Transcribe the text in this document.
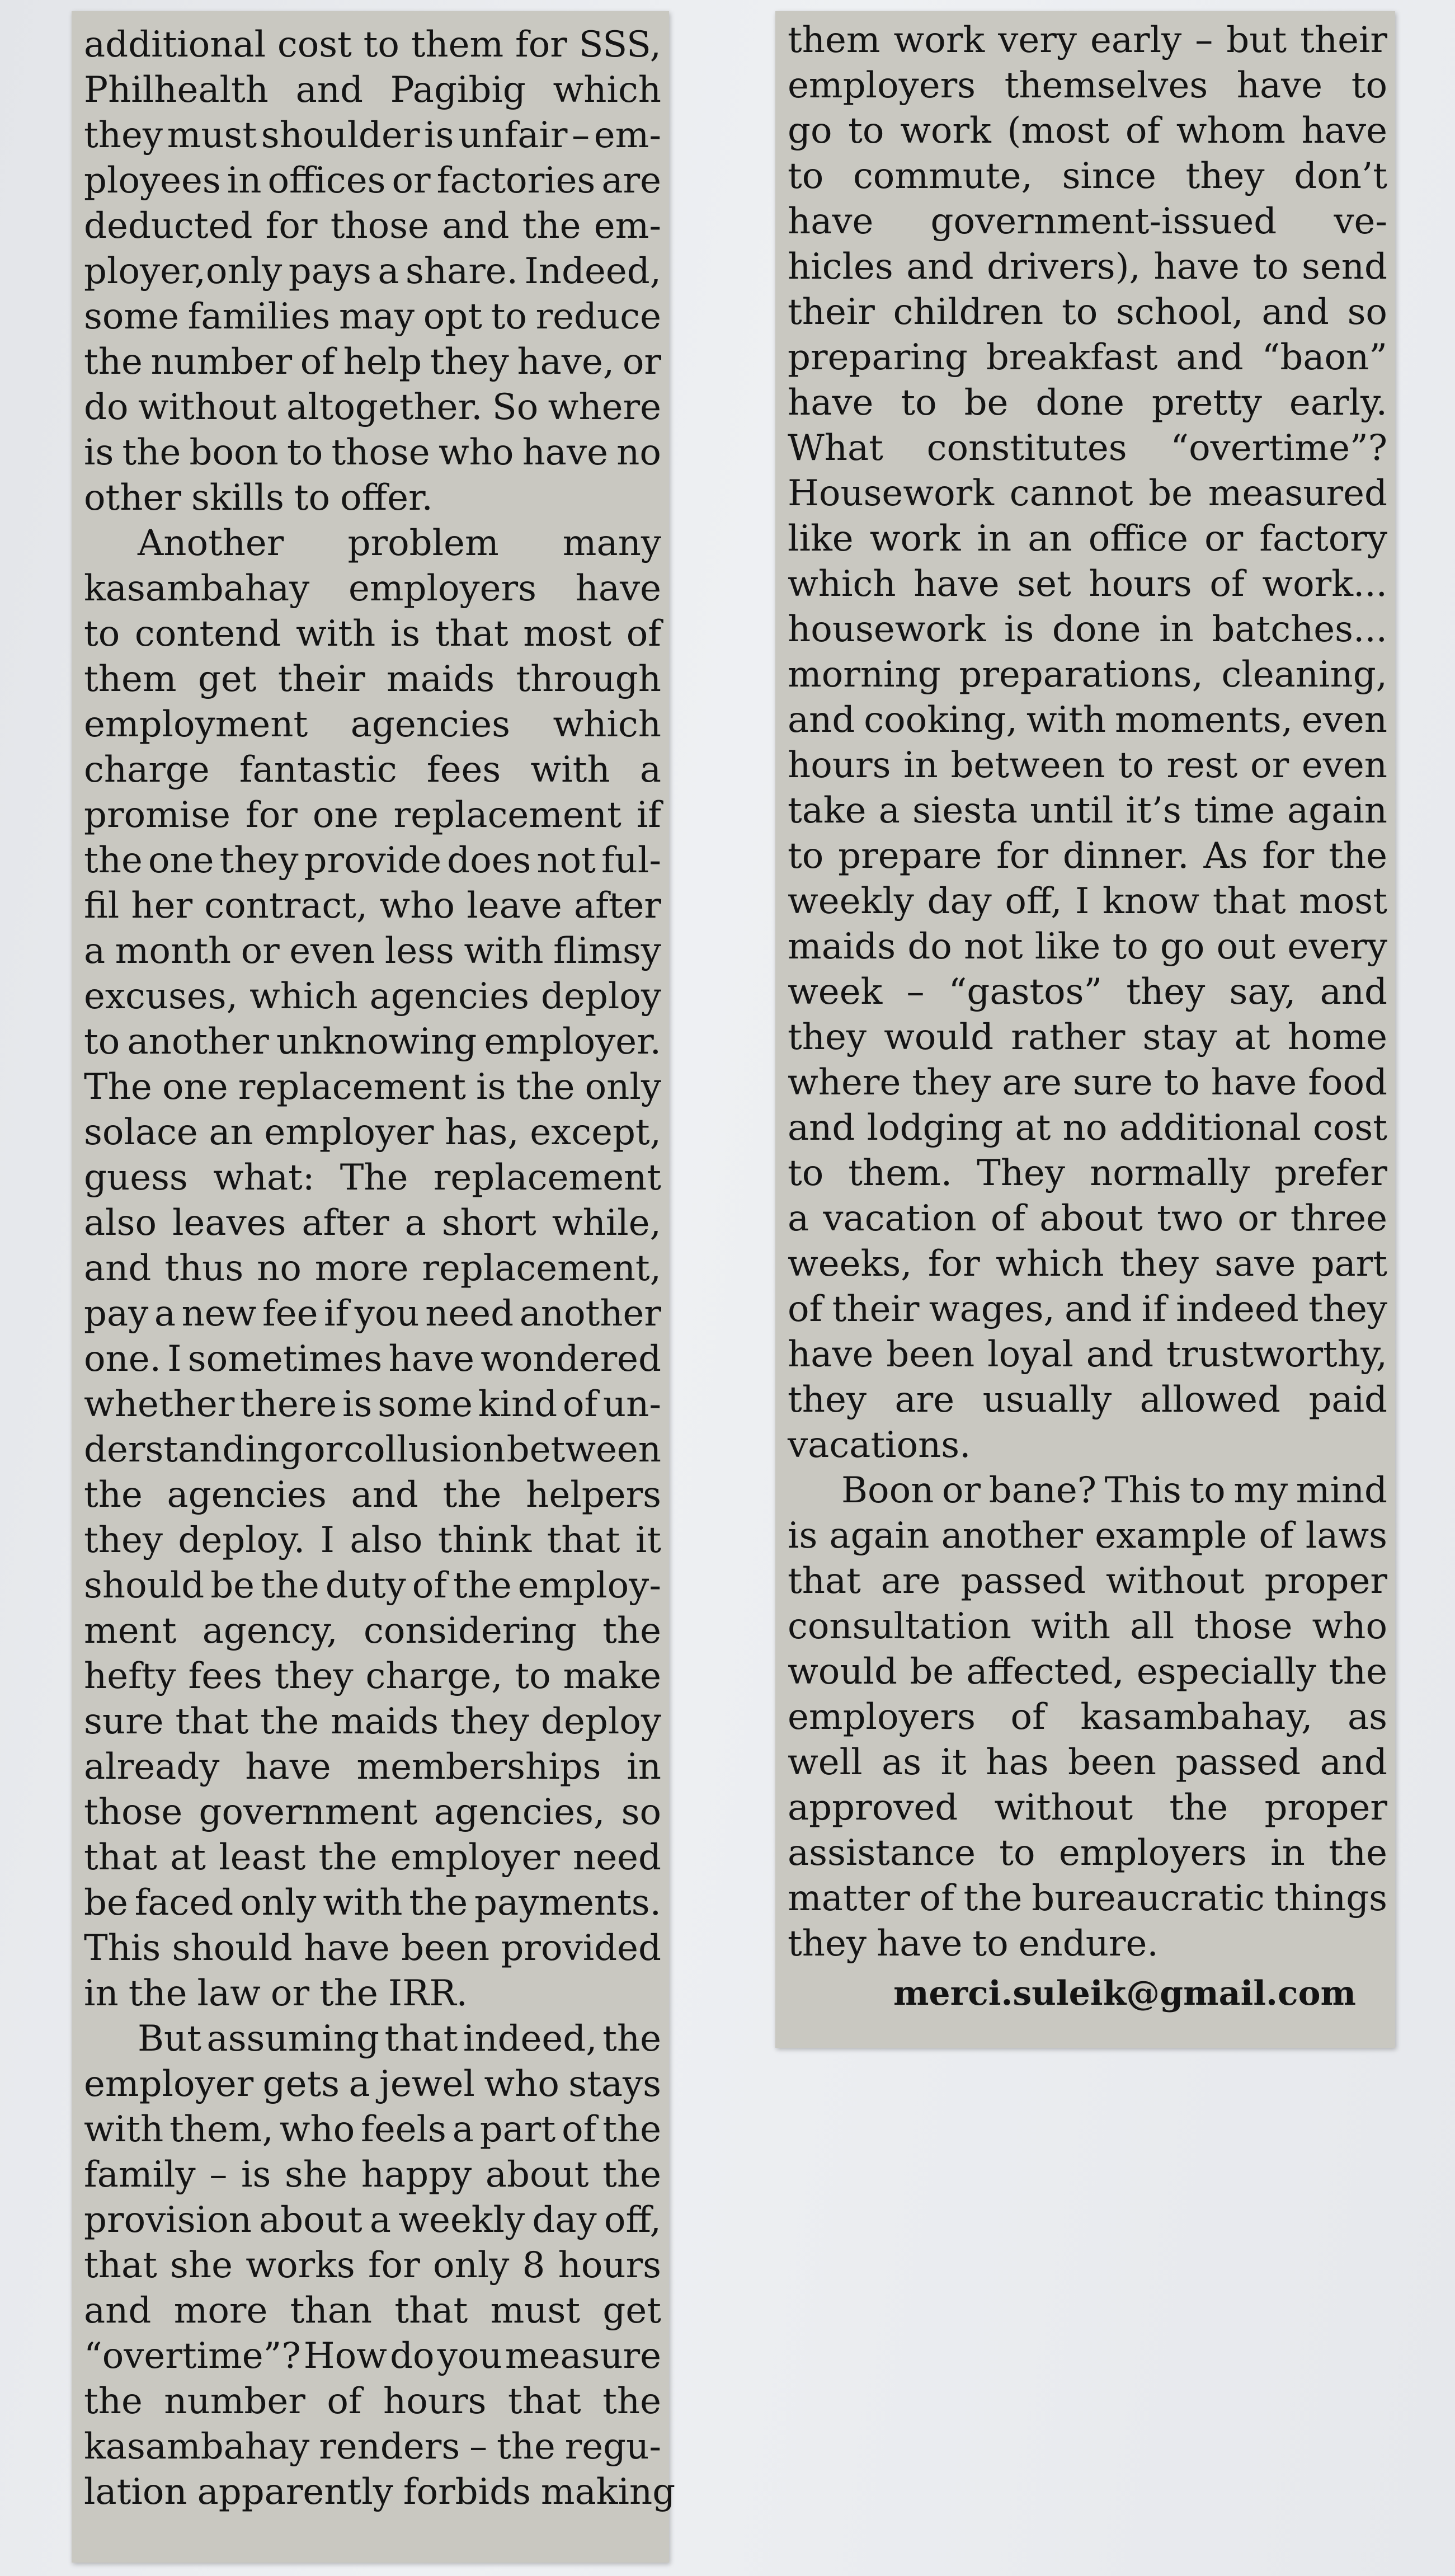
additional cost to them for SSS,
Philhealth and Pagibig which
they must shoulder is unfair – em-
ployees in offices or factories are
deducted for those and the em-
ployer,only pays a share. Indeed,
some families may opt to reduce
the number of help they have, or
do without altogether. So where
is the boon to those who have no
other skills to offer.
Another problem many
kasambahay employers have
to contend with is that most of
them get their maids through
employment agencies which
charge fantastic fees with a
promise for one replacement if
the one they provide does not ful-
fil her contract, who leave after
a month or even less with flimsy
excuses, which agencies deploy
to another unknowing employer.
The one replacement is the only
solace an employer has, except,
guess what: The replacement
also leaves after a short while,
and thus no more replacement,
pay a new fee if you need another
one. I sometimes have wondered
whether there is some kind of un-
derstanding or collusion between
the agencies and the helpers
they deploy. I also think that it
should be the duty of the employ-
ment agency, considering the
hefty fees they charge, to make
sure that the maids they deploy
already have memberships in
those government agencies, so
that at least the employer need
be faced only with the payments.
This should have been provided
in the law or the IRR.
But assuming that indeed, the
employer gets a jewel who stays
with them, who feels a part of the
family – is she happy about the
provision about a weekly day off,
that she works for only 8 hours
and more than that must get
“overtime”? How do you measure
the number of hours that the
kasambahay renders – the regu-
lation apparently forbids making
them work very early – but their
employers themselves have to
go to work (most of whom have
to commute, since they don’t
have government-issued ve-
hicles and drivers), have to send
their children to school, and so
preparing breakfast and “baon”
have to be done pretty early.
What constitutes “overtime”?
Housework cannot be measured
like work in an office or factory
which have set hours of work...
housework is done in batches...
morning preparations, cleaning,
and cooking, with moments, even
hours in between to rest or even
take a siesta until it’s time again
to prepare for dinner. As for the
weekly day off, I know that most
maids do not like to go out every
week – “gastos” they say, and
they would rather stay at home
where they are sure to have food
and lodging at no additional cost
to them. They normally prefer
a vacation of about two or three
weeks, for which they save part
of their wages, and if indeed they
have been loyal and trustworthy,
they are usually allowed paid
vacations.
Boon or bane? This to my mind
is again another example of laws
that are passed without proper
consultation with all those who
would be affected, especially the
employers of kasambahay, as
well as it has been passed and
approved without the proper
assistance to employers in the
matter of the bureaucratic things
they have to endure.
merci.suleik@gmail.com
